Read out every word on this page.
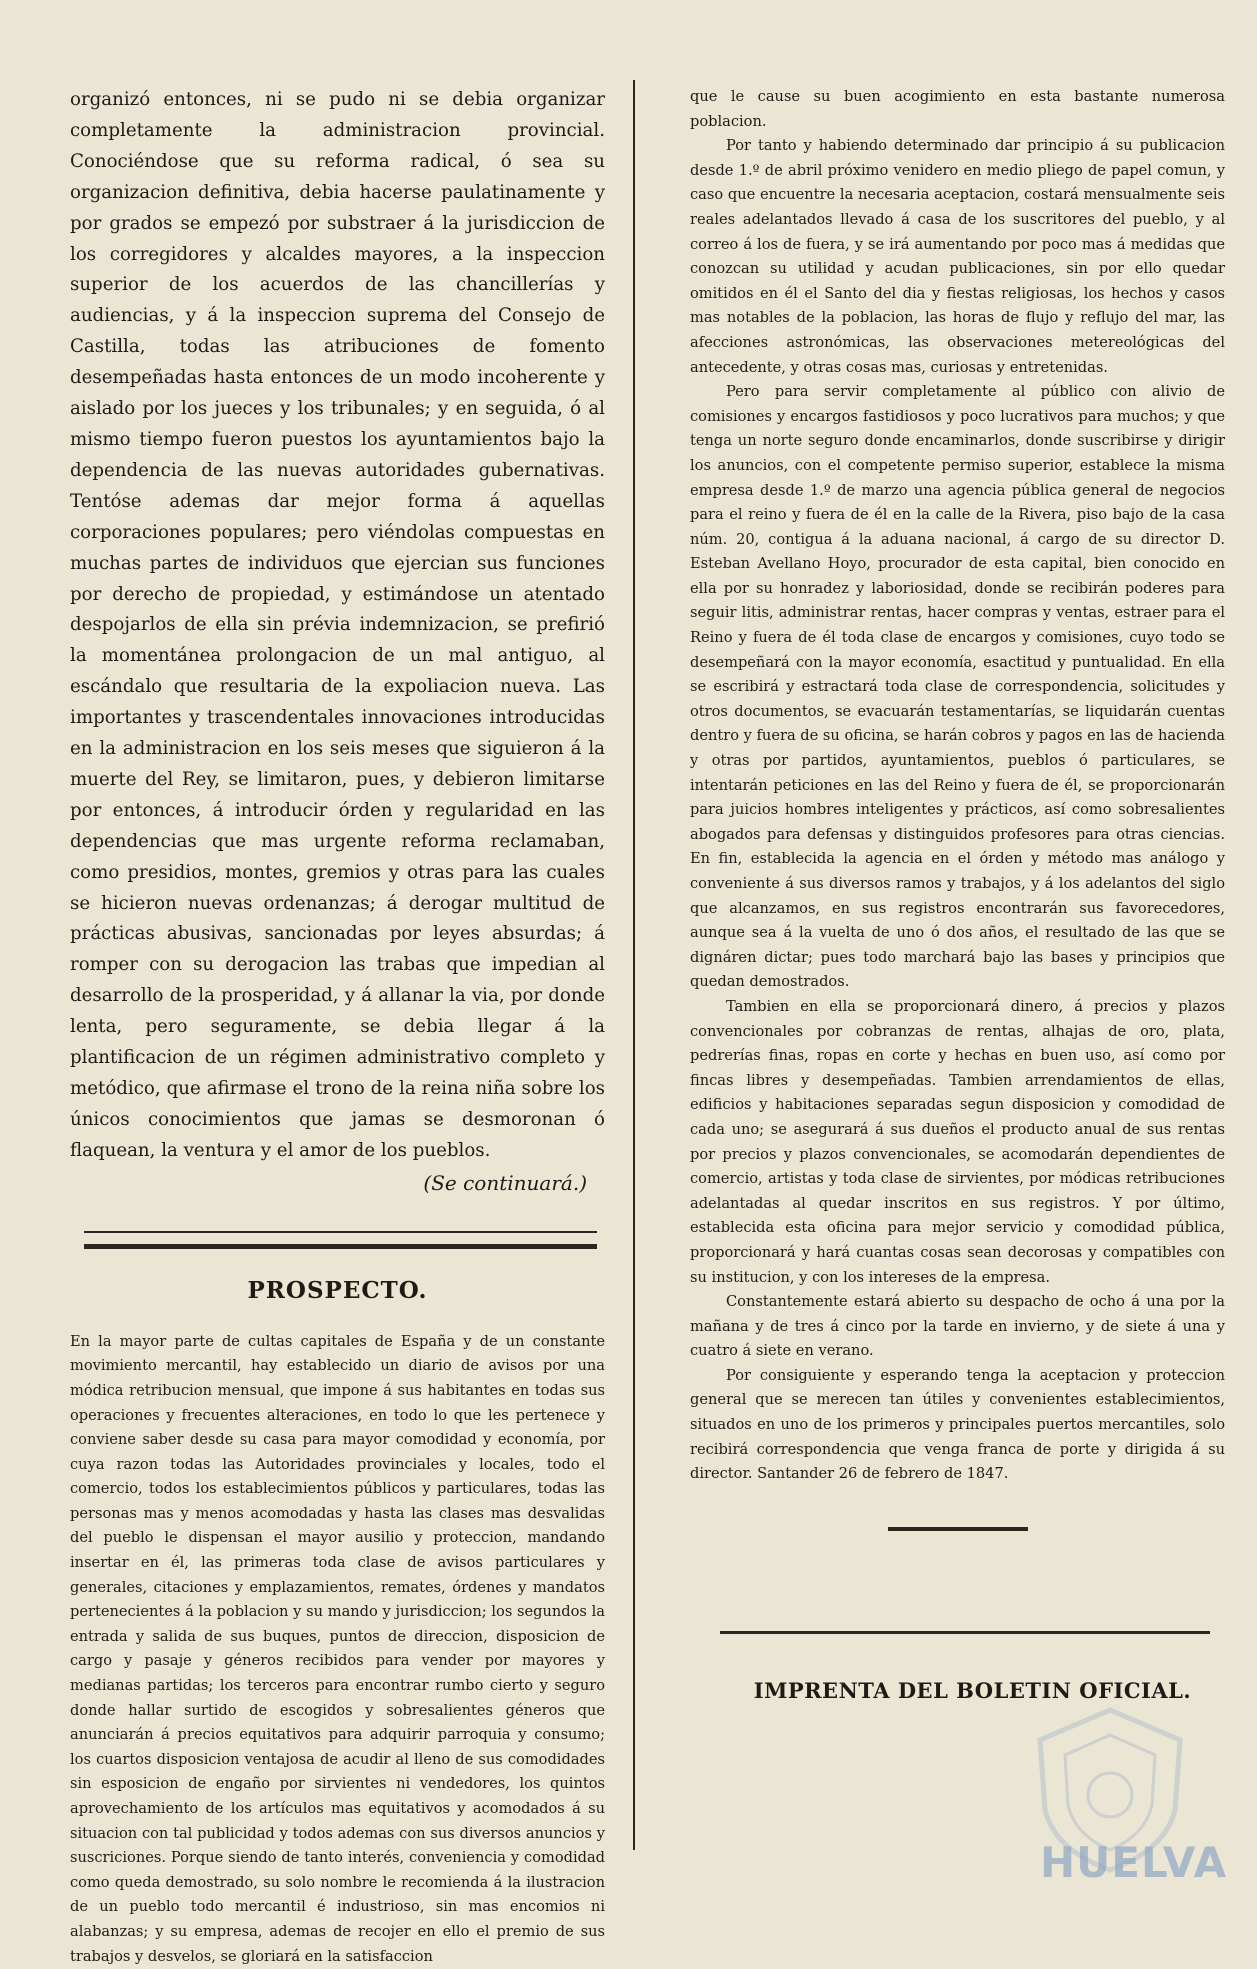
organizó entonces, ni se pudo ni se debia organizar completamente la administracion provincial. Conociéndose que su reforma radical, ó sea su organizacion definitiva, debia hacerse paulatinamente y por grados se empezó por substraer á la jurisdiccion de los corregidores y alcaldes mayores, a la inspeccion superior de los acuerdos de las chancillerías y audiencias, y á la inspeccion suprema del Consejo de Castilla, todas las atribuciones de fomento desempeñadas hasta entonces de un modo incoherente y aislado por los jueces y los tribunales; y en seguida, ó al mismo tiempo fueron puestos los ayuntamientos bajo la dependencia de las nuevas autoridades gubernativas. Tentóse ademas dar mejor forma á aquellas corporaciones populares; pero viéndolas compuestas en muchas partes de individuos que ejercian sus funciones por derecho de propiedad, y estimándose un atentado despojarlos de ella sin prévia indemnizacion, se prefirió la momentánea prolongacion de un mal antiguo, al escándalo que resultaria de la expoliacion nueva. Las importantes y trascendentales innovaciones introducidas en la administracion en los seis meses que siguieron á la muerte del Rey, se limitaron, pues, y debieron limitarse por entonces, á introducir órden y regularidad en las dependencias que mas urgente reforma reclamaban, como presidios, montes, gremios y otras para las cuales se hicieron nuevas ordenanzas; á derogar multitud de prácticas abusivas, sancionadas por leyes absurdas; á romper con su derogacion las trabas que impedian al desarrollo de la prosperidad, y á allanar la via, por donde lenta, pero seguramente, se debia llegar á la plantificacion de un régimen administrativo completo y metódico, que afirmase el trono de la reina niña sobre los únicos conocimientos que jamas se desmoronan ó flaquean, la ventura y el amor de los pueblos.

(Se continuará.)
PROSPECTO.

En la mayor parte de cultas capitales de España y de un constante movimiento mercantil, hay establecido un diario de avisos por una módica retribucion mensual, que impone á sus habitantes en todas sus operaciones y frecuentes alteraciones, en todo lo que les pertenece y conviene saber desde su casa para mayor comodidad y economía, por cuya razon todas las Autoridades provinciales y locales, todo el comercio, todos los establecimientos públicos y particulares, todas las personas mas y menos acomodadas y hasta las clases mas desvalidas del pueblo le dispensan el mayor ausilio y proteccion, mandando insertar en él, las primeras toda clase de avisos particulares y generales, citaciones y emplazamientos, remates, órdenes y mandatos pertenecientes á la poblacion y su mando y jurisdiccion; los segundos la entrada y salida de sus buques, puntos de direccion, disposicion de cargo y pasaje y géneros recibidos para vender por mayores y medianas partidas; los terceros para encontrar rumbo cierto y seguro donde hallar surtido de escogidos y sobresalientes géneros que anunciarán á precios equitativos para adquirir parroquia y consumo; los cuartos disposicion ventajosa de acudir al lleno de sus comodidades sin esposicion de engaño por sirvientes ni vendedores, los quintos aprovechamiento de los artículos mas equitativos y acomodados á su situacion con tal publicidad y todos ademas con sus diversos anuncios y suscriciones. Porque siendo de tanto interés, conveniencia y comodidad como queda demostrado, su solo nombre le recomienda á la ilustracion de un pueblo todo mercantil é industrioso, sin mas encomios ni alabanzas; y su empresa, ademas de recojer en ello el premio de sus trabajos y desvelos, se gloriará en la satisfaccion

que le cause su buen acogimiento en esta bastante numerosa poblacion.

Por tanto y habiendo determinado dar principio á su publicacion desde 1.º de abril próximo venidero en medio pliego de papel comun, y caso que encuentre la necesaria aceptacion, costará mensualmente seis reales adelantados llevado á casa de los suscritores del pueblo, y al correo á los de fuera, y se irá aumentando por poco mas á medidas que conozcan su utilidad y acudan publicaciones, sin por ello quedar omitidos en él el Santo del dia y fiestas religiosas, los hechos y casos mas notables de la poblacion, las horas de flujo y reflujo del mar, las afecciones astronómicas, las observaciones metereológicas del antecedente, y otras cosas mas, curiosas y entretenidas.

Pero para servir completamente al público con alivio de comisiones y encargos fastidiosos y poco lucrativos para muchos; y que tenga un norte seguro donde encaminarlos, donde suscribirse y dirigir los anuncios, con el competente permiso superior, establece la misma empresa desde 1.º de marzo una agencia pública general de negocios para el reino y fuera de él en la calle de la Rivera, piso bajo de la casa núm. 20, contigua á la aduana nacional, á cargo de su director D. Esteban Avellano Hoyo, procurador de esta capital, bien conocido en ella por su honradez y laboriosidad, donde se recibirán poderes para seguir litis, administrar rentas, hacer compras y ventas, estraer para el Reino y fuera de él toda clase de encargos y comisiones, cuyo todo se desempeñará con la mayor economía, esactitud y puntualidad. En ella se escribirá y estractará toda clase de correspondencia, solicitudes y otros documentos, se evacuarán testamentarías, se liquidarán cuentas dentro y fuera de su oficina, se harán cobros y pagos en las de hacienda y otras por partidos, ayuntamientos, pueblos ó particulares, se intentarán peticiones en las del Reino y fuera de él, se proporcionarán para juicios hombres inteligentes y prácticos, así como sobresalientes abogados para defensas y distinguidos profesores para otras ciencias. En fin, establecida la agencia en el órden y método mas análogo y conveniente á sus diversos ramos y trabajos, y á los adelantos del siglo que alcanzamos, en sus registros encontrarán sus favorecedores, aunque sea á la vuelta de uno ó dos años, el resultado de las que se dignáren dictar; pues todo marchará bajo las bases y principios que quedan demostrados.

Tambien en ella se proporcionará dinero, á precios y plazos convencionales por cobranzas de rentas, alhajas de oro, plata, pedrerías finas, ropas en corte y hechas en buen uso, así como por fincas libres y desempeñadas. Tambien arrendamientos de ellas, edificios y habitaciones separadas segun disposicion y comodidad de cada uno; se asegurará á sus dueños el producto anual de sus rentas por precios y plazos convencionales, se acomodarán dependientes de comercio, artistas y toda clase de sirvientes, por módicas retribuciones adelantadas al quedar inscritos en sus registros. Y por último, establecida esta oficina para mejor servicio y comodidad pública, proporcionará y hará cuantas cosas sean decorosas y compatibles con su institucion, y con los intereses de la empresa.

Constantemente estará abierto su despacho de ocho á una por la mañana y de tres á cinco por la tarde en invierno, y de siete á una y cuatro á siete en verano.

Por consiguiente y esperando tenga la aceptacion y proteccion general que se merecen tan útiles y convenientes establecimientos, situados en uno de los primeros y principales puertos mercantiles, solo recibirá correspondencia que venga franca de porte y dirigida á su director. Santander 26 de febrero de 1847.

IMPRENTA DEL BOLETIN OFICIAL.
HUELVA
